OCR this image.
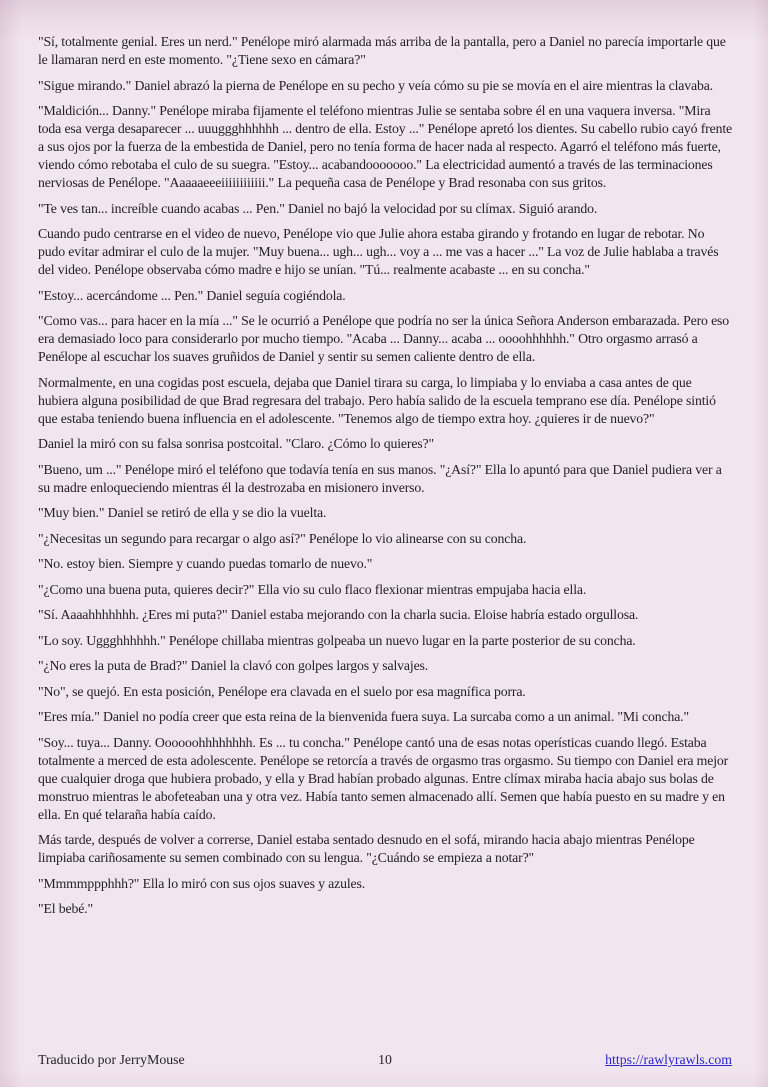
"Sí, totalmente genial. Eres un nerd." Penélope miró alarmada más arriba de la pantalla, pero a Daniel no parecía importarle que le llamaran nerd en este momento. "¿Tiene sexo en cámara?"

"Sigue mirando." Daniel abrazó la pierna de Penélope en su pecho y veía cómo su pie se movía en el aire mientras la clavaba.

"Maldición... Danny." Penélope miraba fijamente el teléfono mientras Julie se sentaba sobre él en una vaquera inversa. "Mira toda esa verga desaparecer ... uuuggghhhhhh ... dentro de ella. Estoy ..." Penélope apretó los dientes. Su cabello rubio cayó frente a sus ojos por la fuerza de la embestida de Daniel, pero no tenía forma de hacer nada al respecto. Agarró el teléfono más fuerte, viendo cómo rebotaba el culo de su suegra. "Estoy... acabandooooooo." La electricidad aumentó a través de las terminaciones nerviosas de Penélope. "Aaaaaeeeiiiiiiiiiiii." La pequeña casa de Penélope y Brad resonaba con sus gritos.

"Te ves tan... increíble cuando acabas ... Pen." Daniel no bajó la velocidad por su clímax. Siguió arando.

Cuando pudo centrarse en el video de nuevo, Penélope vio que Julie ahora estaba girando y frotando en lugar de rebotar. No pudo evitar admirar el culo de la mujer. "Muy buena... ugh... ugh... voy a ... me vas a hacer ..." La voz de Julie hablaba a través del video. Penélope observaba cómo madre e hijo se unían. "Tú... realmente acabaste ... en su concha."

"Estoy... acercándome ... Pen." Daniel seguía cogiéndola.

"Como vas... para hacer en la mía ..." Se le ocurrió a Penélope que podría no ser la única Señora Anderson embarazada. Pero eso era demasiado loco para considerarlo por mucho tiempo. "Acaba ... Danny... acaba ... oooohhhhhh." Otro orgasmo arrasó a Penélope al escuchar los suaves gruñidos de Daniel y sentir su semen caliente dentro de ella.

Normalmente, en una cogidas post escuela, dejaba que Daniel tirara su carga, lo limpiaba y lo enviaba a casa antes de que hubiera alguna posibilidad de que Brad regresara del trabajo. Pero había salido de la escuela temprano ese día. Penélope sintió que estaba teniendo buena influencia en el adolescente. "Tenemos algo de tiempo extra hoy. ¿quieres ir de nuevo?"

Daniel la miró con su falsa sonrisa postcoital. "Claro. ¿Cómo lo quieres?"

"Bueno, um ..." Penélope miró el teléfono que todavía tenía en sus manos. "¿Así?" Ella lo apuntó para que Daniel pudiera ver a su madre enloqueciendo mientras él la destrozaba en misionero inverso.

"Muy bien." Daniel se retiró de ella y se dio la vuelta.

"¿Necesitas un segundo para recargar o algo así?" Penélope lo vio alinearse con su concha.

"No. estoy bien. Siempre y cuando puedas tomarlo de nuevo."

"¿Como una buena puta, quieres decir?" Ella vio su culo flaco flexionar mientras empujaba hacia ella.

"Sí. Aaaahhhhhhh. ¿Eres mi puta?" Daniel estaba mejorando con la charla sucia. Eloise habría estado orgullosa.

"Lo soy. Uggghhhhhh." Penélope chillaba mientras golpeaba un nuevo lugar en la parte posterior de su concha.

"¿No eres la puta de Brad?" Daniel la clavó con golpes largos y salvajes.

"No", se quejó. En esta posición, Penélope era clavada en el suelo por esa magnífica porra.

"Eres mía." Daniel no podía creer que esta reina de la bienvenida fuera suya. La surcaba como a un animal. "Mi concha."

"Soy... tuya... Danny. Oooooohhhhhhhh. Es ... tu concha." Penélope cantó una de esas notas operísticas cuando llegó. Estaba totalmente a merced de esta adolescente. Penélope se retorcía a través de orgasmo tras orgasmo. Su tiempo con Daniel era mejor que cualquier droga que hubiera probado, y ella y Brad habían probado algunas. Entre clímax miraba hacia abajo sus bolas de monstruo mientras le abofeteaban una y otra vez. Había tanto semen almacenado allí. Semen que había puesto en su madre y en ella. En qué telaraña había caído.

Más tarde, después de volver a correrse, Daniel estaba sentado desnudo en el sofá, mirando hacia abajo mientras Penélope limpiaba cariñosamente su semen combinado con su lengua. "¿Cuándo se empieza a notar?"

"Mmmmppphhh?" Ella lo miró con sus ojos suaves y azules.

"El bebé."

Traducido por JerryMouse	10	https://rawlyrawls.com
